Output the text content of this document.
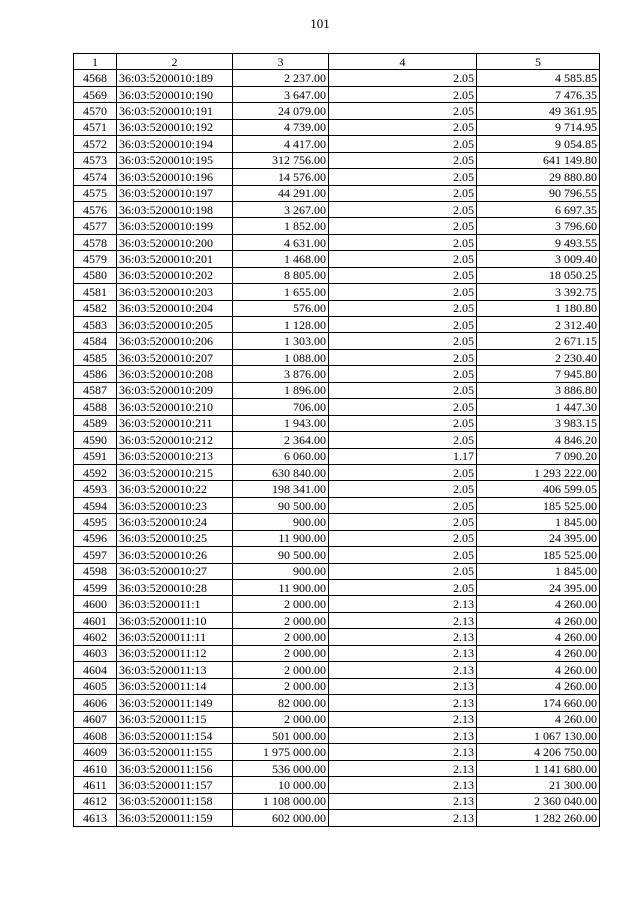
101
1	2	3	4	5
4568	36:03:5200010:189	2 237.00	2.05	4 585.85
4569	36:03:5200010:190	3 647.00	2.05	7 476.35
4570	36:03:5200010:191	24 079.00	2.05	49 361.95
4571	36:03:5200010:192	4 739.00	2.05	9 714.95
4572	36:03:5200010:194	4 417.00	2.05	9 054.85
4573	36:03:5200010:195	312 756.00	2.05	641 149.80
4574	36:03:5200010:196	14 576.00	2.05	29 880.80
4575	36:03:5200010:197	44 291.00	2.05	90 796.55
4576	36:03:5200010:198	3 267.00	2.05	6 697.35
4577	36:03:5200010:199	1 852.00	2.05	3 796.60
4578	36:03:5200010:200	4 631.00	2.05	9 493.55
4579	36:03:5200010:201	1 468.00	2.05	3 009.40
4580	36:03:5200010:202	8 805.00	2.05	18 050.25
4581	36:03:5200010:203	1 655.00	2.05	3 392.75
4582	36:03:5200010:204	576.00	2.05	1 180.80
4583	36:03:5200010:205	1 128.00	2.05	2 312.40
4584	36:03:5200010:206	1 303.00	2.05	2 671.15
4585	36:03:5200010:207	1 088.00	2.05	2 230.40
4586	36:03:5200010:208	3 876.00	2.05	7 945.80
4587	36:03:5200010:209	1 896.00	2.05	3 886.80
4588	36:03:5200010:210	706.00	2.05	1 447.30
4589	36:03:5200010:211	1 943.00	2.05	3 983.15
4590	36:03:5200010:212	2 364.00	2.05	4 846.20
4591	36:03:5200010:213	6 060.00	1.17	7 090.20
4592	36:03:5200010:215	630 840.00	2.05	1 293 222.00
4593	36:03:5200010:22	198 341.00	2.05	406 599.05
4594	36:03:5200010:23	90 500.00	2.05	185 525.00
4595	36:03:5200010:24	900.00	2.05	1 845.00
4596	36:03:5200010:25	11 900.00	2.05	24 395.00
4597	36:03:5200010:26	90 500.00	2.05	185 525.00
4598	36:03:5200010:27	900.00	2.05	1 845.00
4599	36:03:5200010:28	11 900.00	2.05	24 395.00
4600	36:03:5200011:1	2 000.00	2.13	4 260.00
4601	36:03:5200011:10	2 000.00	2.13	4 260.00
4602	36:03:5200011:11	2 000.00	2.13	4 260.00
4603	36:03:5200011:12	2 000.00	2.13	4 260.00
4604	36:03:5200011:13	2 000.00	2.13	4 260.00
4605	36:03:5200011:14	2 000.00	2.13	4 260.00
4606	36:03:5200011:149	82 000.00	2.13	174 660.00
4607	36:03:5200011:15	2 000.00	2.13	4 260.00
4608	36:03:5200011:154	501 000.00	2.13	1 067 130.00
4609	36:03:5200011:155	1 975 000.00	2.13	4 206 750.00
4610	36:03:5200011:156	536 000.00	2.13	1 141 680.00
4611	36:03:5200011:157	10 000.00	2.13	21 300.00
4612	36:03:5200011:158	1 108 000.00	2.13	2 360 040.00
4613	36:03:5200011:159	602 000.00	2.13	1 282 260.00
